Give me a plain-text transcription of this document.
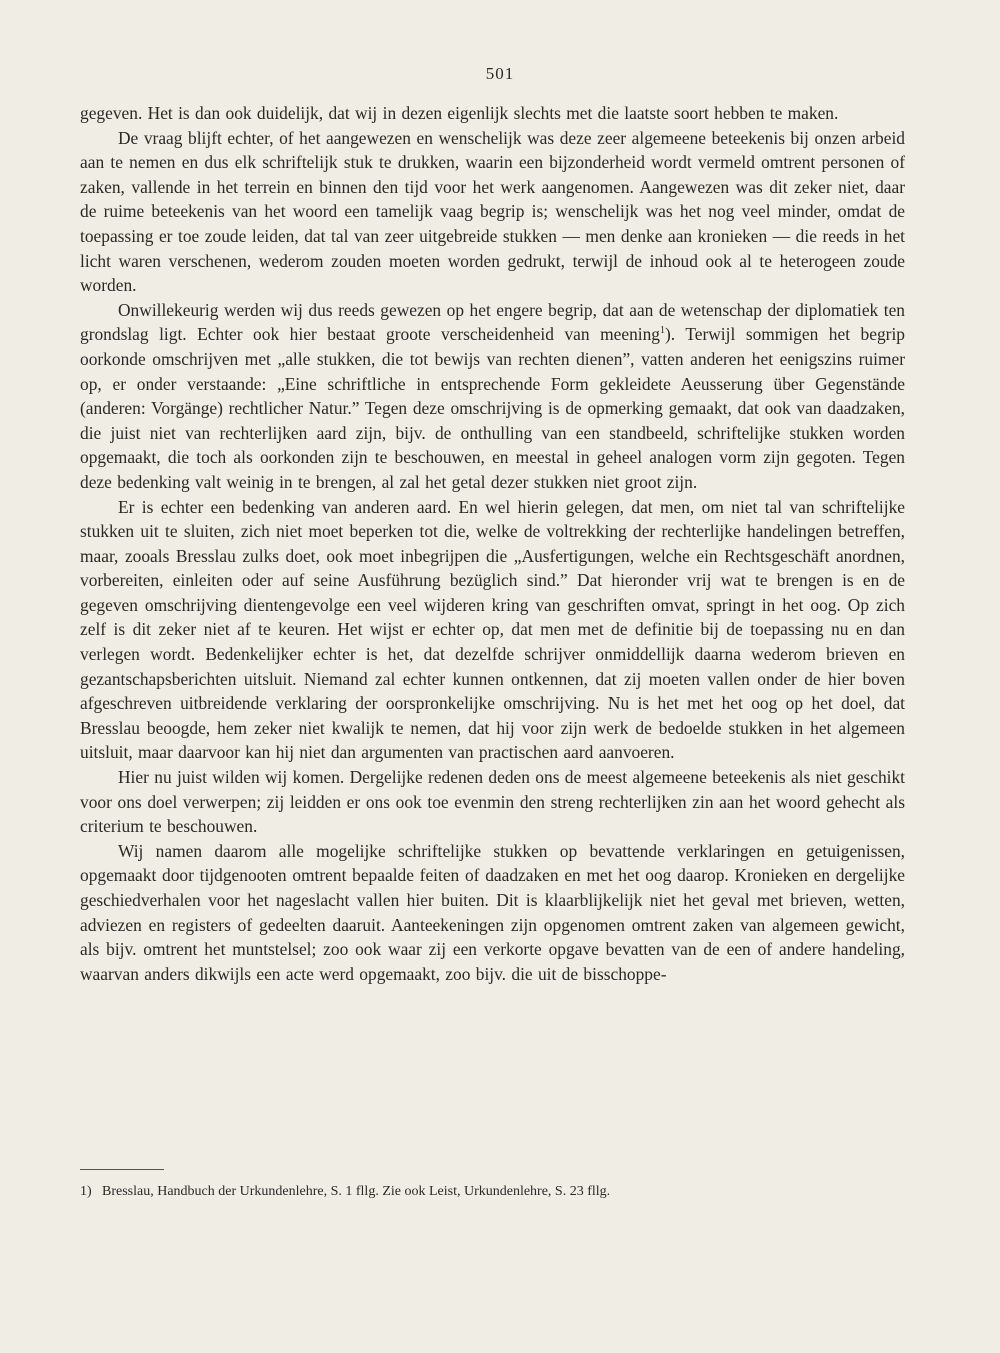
501

gegeven. Het is dan ook duidelijk, dat wij in dezen eigenlijk slechts met die laatste soort hebben te maken.

De vraag blijft echter, of het aangewezen en wenschelijk was deze zeer algemeene beteekenis bij onzen arbeid aan te nemen en dus elk schriftelijk stuk te drukken, waarin een bijzonderheid wordt vermeld omtrent personen of zaken, vallende in het terrein en binnen den tijd voor het werk aangenomen. Aangewezen was dit zeker niet, daar de ruime beteekenis van het woord een tamelijk vaag begrip is; wenschelijk was het nog veel minder, omdat de toepassing er toe zoude leiden, dat tal van zeer uitgebreide stukken — men denke aan kronieken — die reeds in het licht waren verschenen, wederom zouden moeten worden gedrukt, terwijl de inhoud ook al te heterogeen zoude worden.

Onwillekeurig werden wij dus reeds gewezen op het engere begrip, dat aan de wetenschap der diplomatiek ten grondslag ligt. Echter ook hier bestaat groote verscheidenheid van meening$^1$). Terwijl sommigen het begrip oorkonde omschrijven met „alle stukken, die tot bewijs van rechten dienen”, vatten anderen het eenigszins ruimer op, er onder verstaande: „Eine schriftliche in entsprechende Form gekleidete Aeusserung über Gegenstände (anderen: Vorgänge) rechtlicher Natur.” Tegen deze omschrijving is de opmerking gemaakt, dat ook van daadzaken, die juist niet van rechterlijken aard zijn, bijv. de onthulling van een standbeeld, schriftelijke stukken worden opgemaakt, die toch als oorkonden zijn te beschouwen, en meestal in geheel analogen vorm zijn gegoten. Tegen deze bedenking valt weinig in te brengen, al zal het getal dezer stukken niet groot zijn.

Er is echter een bedenking van anderen aard. En wel hierin gelegen, dat men, om niet tal van schriftelijke stukken uit te sluiten, zich niet moet beperken tot die, welke de voltrekking der rechterlijke handelingen betreffen, maar, zooals Bresslau zulks doet, ook moet inbegrijpen die „Ausfertigungen, welche ein Rechtsgeschäft anordnen, vorbereiten, einleiten oder auf seine Ausführung bezüglich sind.” Dat hieronder vrij wat te brengen is en de gegeven omschrijving dientengevolge een veel wijderen kring van geschriften omvat, springt in het oog. Op zich zelf is dit zeker niet af te keuren. Het wijst er echter op, dat men met de definitie bij de toepassing nu en dan verlegen wordt. Bedenkelijker echter is het, dat dezelfde schrijver onmiddellijk daarna wederom brieven en gezantschapsberichten uitsluit. Niemand zal echter kunnen ontkennen, dat zij moeten vallen onder de hier boven afgeschreven uitbreidende verklaring der oorspronkelijke omschrijving. Nu is het met het oog op het doel, dat Bresslau beoogde, hem zeker niet kwalijk te nemen, dat hij voor zijn werk de bedoelde stukken in het algemeen uitsluit, maar daarvoor kan hij niet dan argumenten van practischen aard aanvoeren.

Hier nu juist wilden wij komen. Dergelijke redenen deden ons de meest algemeene beteekenis als niet geschikt voor ons doel verwerpen; zij leidden er ons ook toe evenmin den streng rechterlijken zin aan het woord gehecht als criterium te beschouwen.

Wij namen daarom alle mogelijke schriftelijke stukken op bevattende verklaringen en getuigenissen, opgemaakt door tijdgenooten omtrent bepaalde feiten of daadzaken en met het oog daarop. Kronieken en dergelijke geschiedverhalen voor het nageslacht vallen hier buiten. Dit is klaarblijkelijk niet het geval met brieven, wetten, adviezen en registers of gedeelten daaruit. Aanteekeningen zijn opgenomen omtrent zaken van algemeen gewicht, als bijv. omtrent het muntstelsel; zoo ook waar zij een verkorte opgave bevatten van de een of andere handeling, waarvan anders dikwijls een acte werd opgemaakt, zoo bijv. die uit de bisschoppe-

1) Bresslau, Handbuch der Urkundenlehre, S. 1 fllg. Zie ook Leist, Urkundenlehre, S. 23 fllg.
